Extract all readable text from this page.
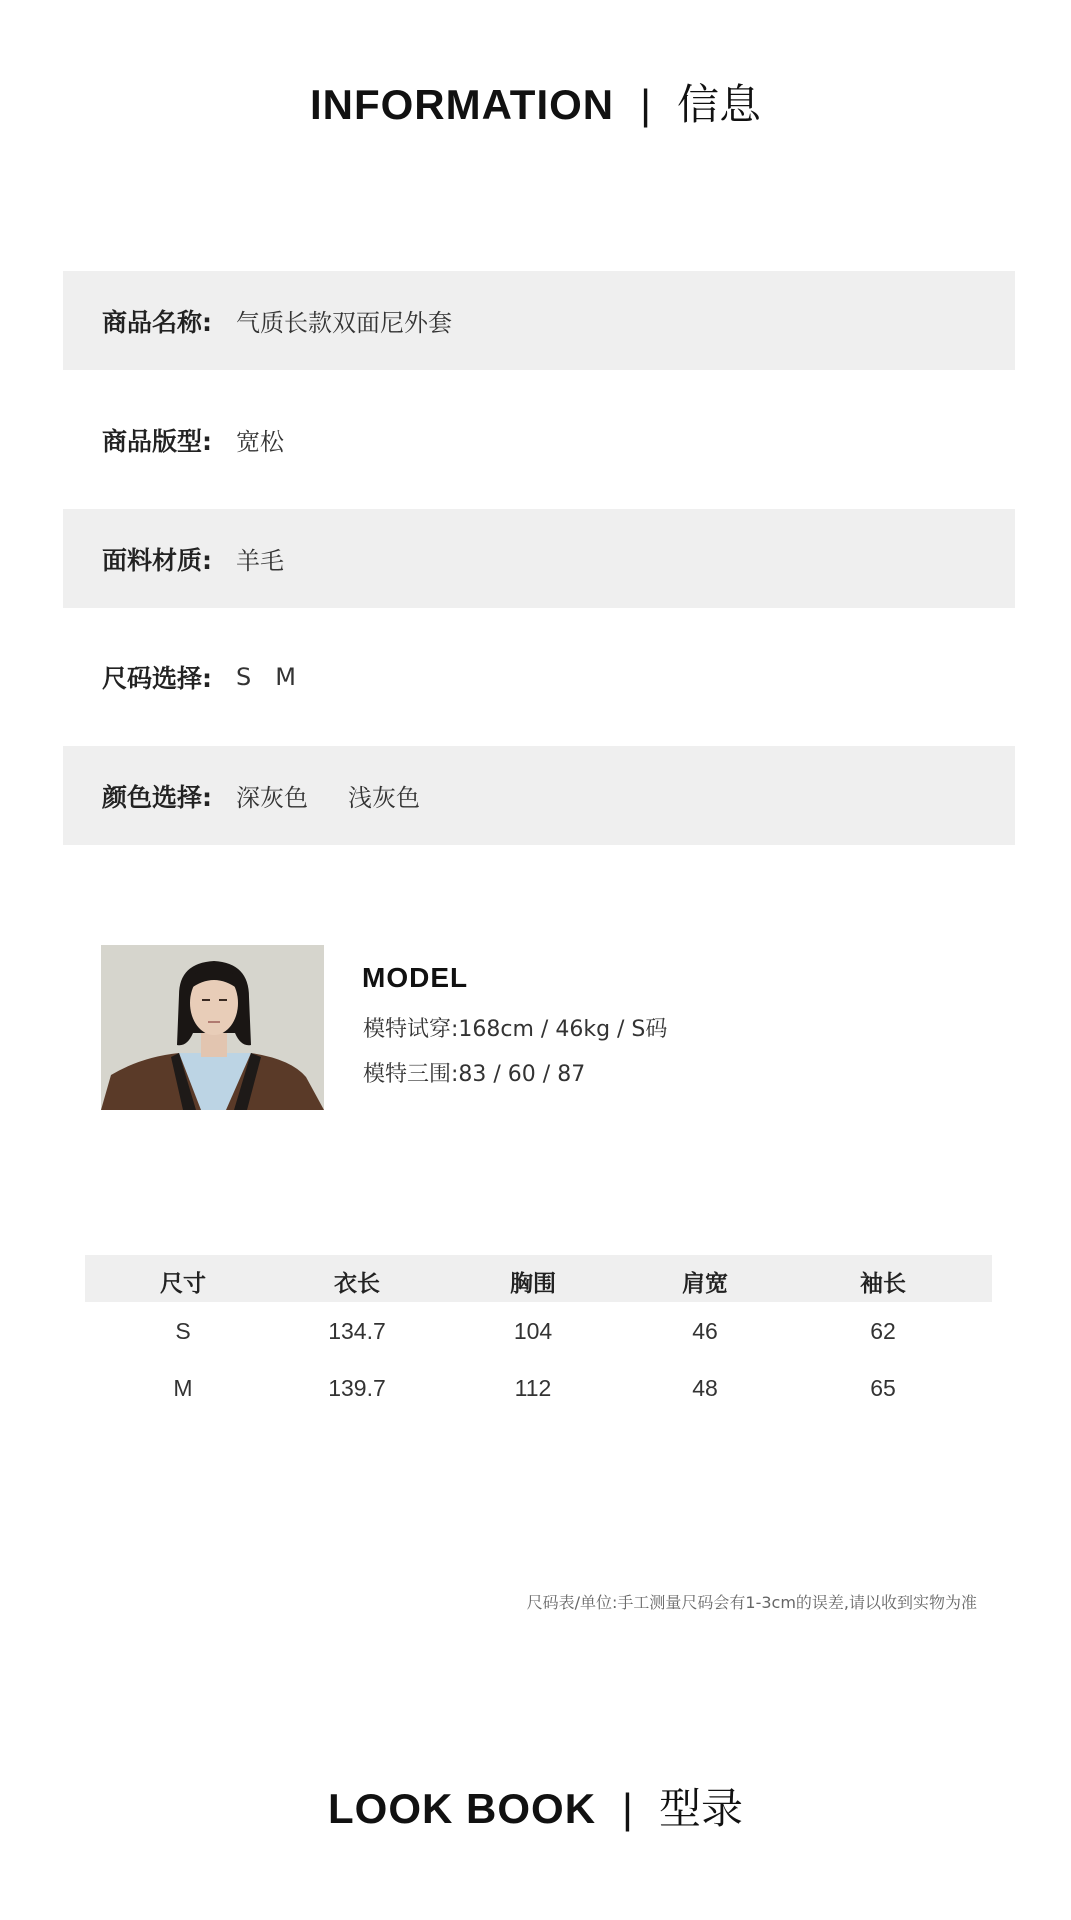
INFORMATION | 信息
商品名称: 气质长款双面尼外套
商品版型: 宽松
面料材质: 羊毛
尺码选择: S M
颜色选择: 深灰色 浅灰色
MODEL
模特试穿:168cm / 46kg / S码
模特三围:83 / 60 / 87
尺寸	衣长	胸围	肩宽	袖长
S	134.7	104	46	62
M	139.7	112	48	65
尺码表/单位:手工测量尺码会有1-3cm的误差,请以收到实物为准
LOOK BOOK | 型录
